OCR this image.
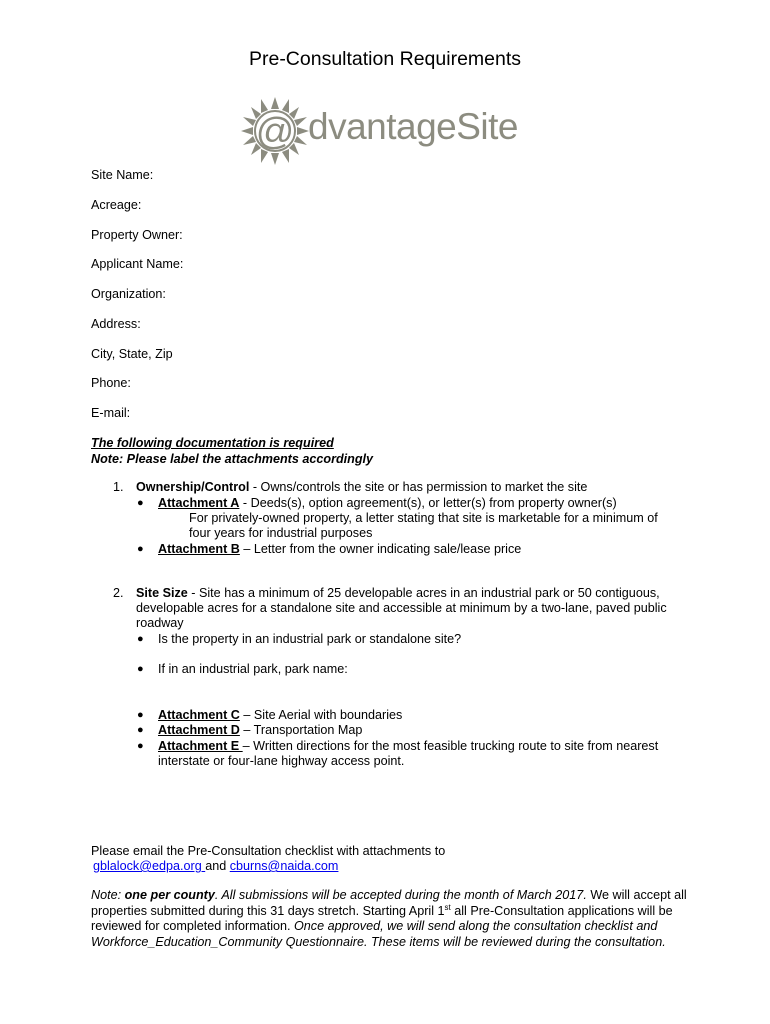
Pre-Consultation Requirements
@ dvantageSite
Site Name:
Acreage:
Property Owner:
Applicant Name:
Organization:
Address:
City, State, Zip
Phone:
E-mail:
The following documentation is required
Note: Please label the attachments accordingly
1. Ownership/Control - Owns/controls the site or has permission to market the site
● Attachment A - Deeds(s), option agreement(s), or letter(s) from property owner(s)
For privately-owned property, a letter stating that site is marketable for a minimum of
four years for industrial purposes
● Attachment B – Letter from the owner indicating sale/lease price
2. Site Size - Site has a minimum of 25 developable acres in an industrial park or 50 contiguous,
developable acres for a standalone site and accessible at minimum by a two-lane, paved public
roadway
● Is the property in an industrial park or standalone site?
● If in an industrial park, park name:
● Attachment C – Site Aerial with boundaries
● Attachment D – Transportation Map
● Attachment E – Written directions for the most feasible trucking route to site from nearest
interstate or four-lane highway access point.
Please email the Pre-Consultation checklist with attachments to
gblalock@edpa.org and cburns@naida.com
Note: one per county. All submissions will be accepted during the month of March 2017. We will accept all properties submitted during this 31 days stretch. Starting April 1st all Pre-Consultation applications will be reviewed for completed information. Once approved, we will send along the consultation checklist and Workforce_Education_Community Questionnaire. These items will be reviewed during the consultation.
